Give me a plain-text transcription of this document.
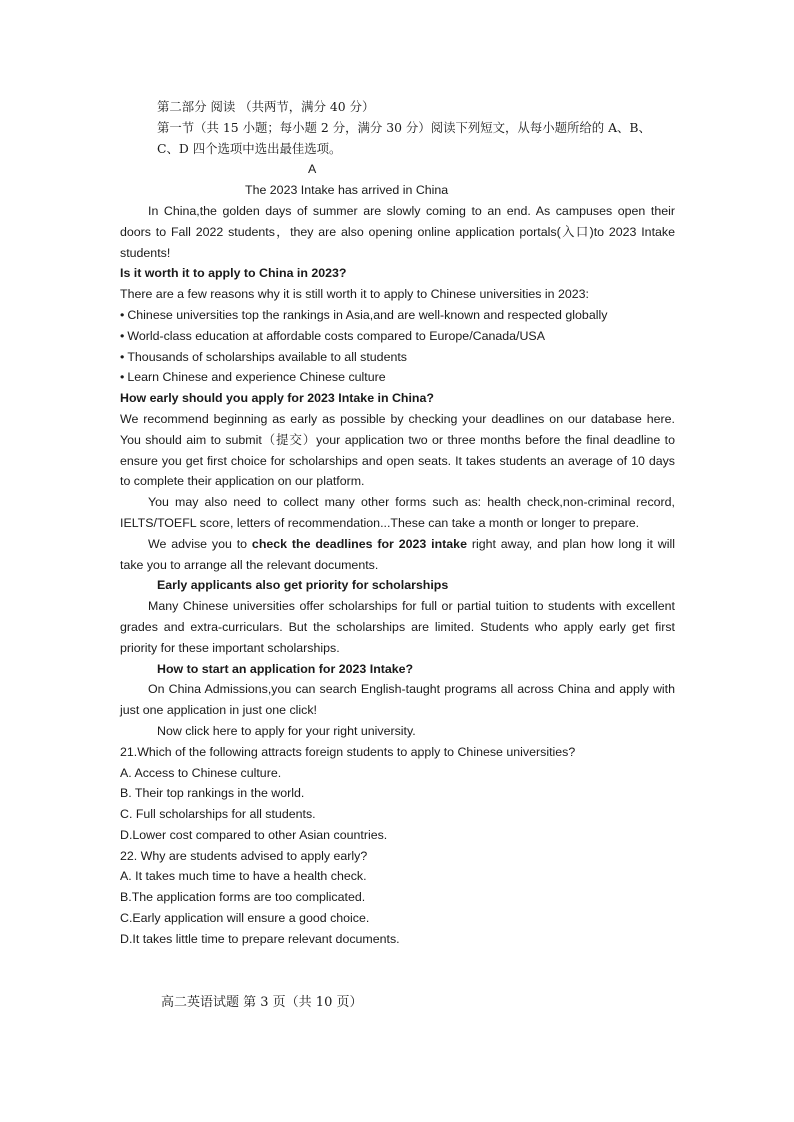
第二部分 阅读 （共两节，满分 40 分）

第一节（共 15 小题；每小题 2 分，满分 30 分）阅读下列短文，从每小题所给的 A、B、

C、D 四个选项中选出最佳选项。

A

The 2023 Intake has arrived in China

In China,the golden days of summer are slowly coming to an end. As campuses open their doors to Fall 2022 students，they are also opening online application portals(入口)to 2023 Intake students!

Is it worth it to apply to China in 2023?

There are a few reasons why it is still worth it to apply to Chinese universities in 2023:

• Chinese universities top the rankings in Asia,and are well-known and respected globally

• World-class education at affordable costs compared to Europe/Canada/USA

• Thousands of scholarships available to all students

• Learn Chinese and experience Chinese culture

How early should you apply for 2023 Intake in China?

We recommend beginning as early as possible by checking your deadlines on our database here. You should aim to submit（提交）your application two or three months before the final deadline to ensure you get first choice for scholarships and open seats. It takes students an average of 10 days to complete their application on our platform.

You may also need to collect many other forms such as: health check,non-criminal record, IELTS/TOEFL score, letters of recommendation...These can take a month or longer to prepare.

We advise you to check the deadlines for 2023 intake right away, and plan how long it will take you to arrange all the relevant documents.

Early applicants also get priority for scholarships

Many Chinese universities offer scholarships for full or partial tuition to students with excellent grades and extra-curriculars. But the scholarships are limited. Students who apply early get first priority for these important scholarships.

How to start an application for 2023 Intake?

On China Admissions,you can search English-taught programs all across China and apply with just one application in just one click!

Now click here to apply for your right university.

21.Which of the following attracts foreign students to apply to Chinese universities?

A. Access to Chinese culture.

B. Their top rankings in the world.

C. Full scholarships for all students.

D.Lower cost compared to other Asian countries.

22. Why are students advised to apply early?

A. It takes much time to have a health check.

B.The application forms are too complicated.

C.Early application will ensure a good choice.

D.It takes little time to prepare relevant documents.

高二英语试题 第 3 页（共 10 页）
